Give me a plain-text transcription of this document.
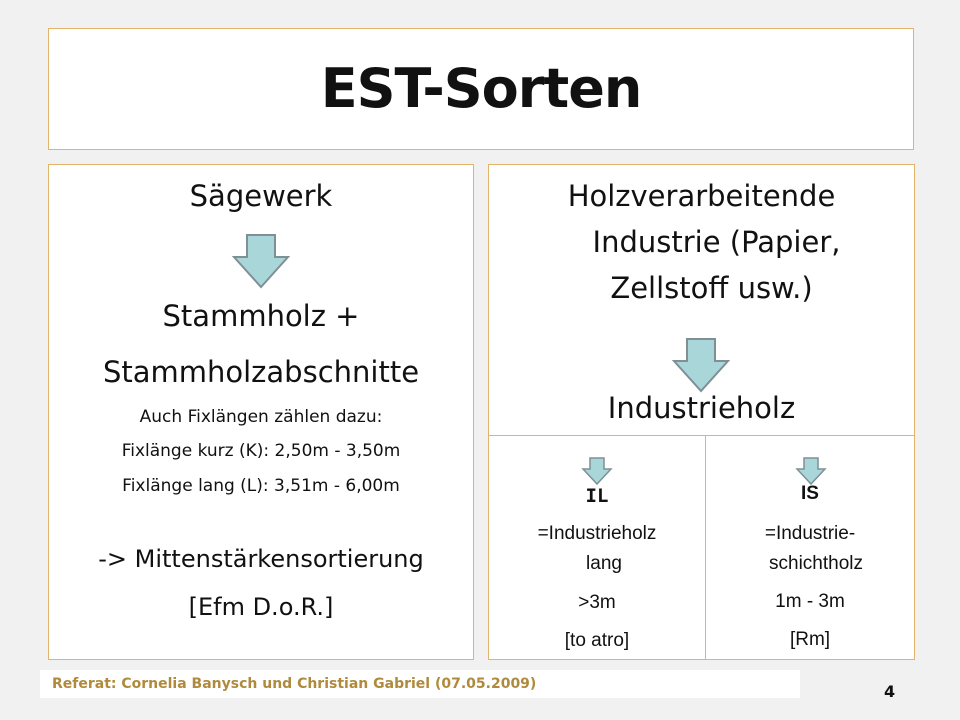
EST-Sorten
Sägewerk
Stammholz +
Stammholzabschnitte
Auch Fixlängen zählen dazu:
Fixlänge kurz (K): 2,50m - 3,50m
Fixlänge lang (L): 3,51m - 6,00m
-> Mittenstärkensortierung
[Efm D.o.R.]
Holzverarbeitende
Industrie (Papier,
Zellstoff usw.)
Industrieholz
IL
=Industrieholz
lang
>3m
[to atro]
IS
=Industrie-
schichtholz
1m - 3m
[Rm]
Referat: Cornelia Banysch und Christian Gabriel (07.05.2009)	4
